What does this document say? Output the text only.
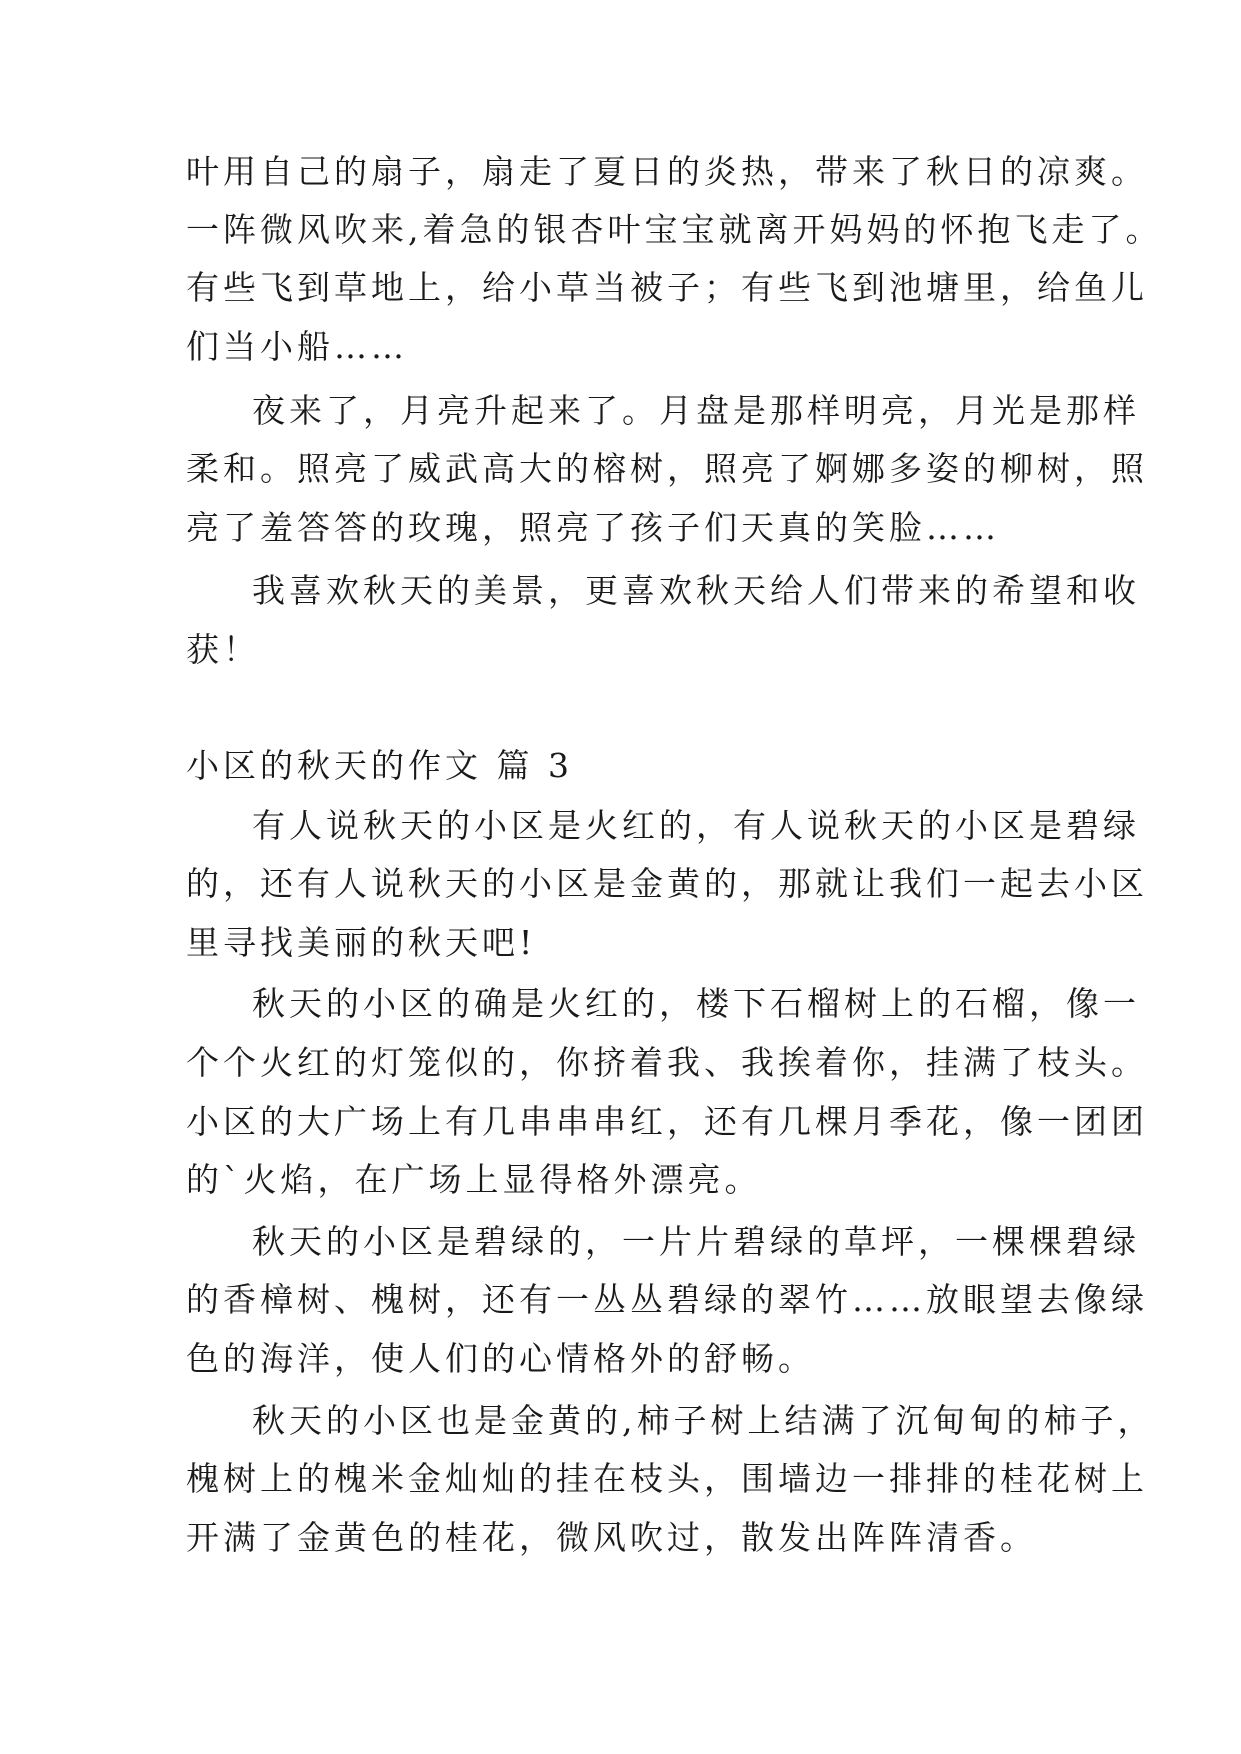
叶用自己的扇子，扇走了夏日的炎热，带来了秋日的凉爽。
一阵微风吹来,着急的银杏叶宝宝就离开妈妈的怀抱飞走了。
有些飞到草地上，给小草当被子；有些飞到池塘里，给鱼儿
们当小船……
夜来了，月亮升起来了。月盘是那样明亮，月光是那样
柔和。照亮了威武高大的榕树，照亮了婀娜多姿的柳树，照
亮了羞答答的玫瑰，照亮了孩子们天真的笑脸……
我喜欢秋天的美景，更喜欢秋天给人们带来的希望和收
获！
小区的秋天的作文 篇 3
有人说秋天的小区是火红的，有人说秋天的小区是碧绿
的，还有人说秋天的小区是金黄的，那就让我们一起去小区
里寻找美丽的秋天吧!
秋天的小区的确是火红的，楼下石榴树上的石榴，像一
个个火红的灯笼似的，你挤着我、我挨着你，挂满了枝头。
小区的大广场上有几串串串红，还有几棵月季花，像一团团
的`火焰，在广场上显得格外漂亮。
秋天的小区是碧绿的，一片片碧绿的草坪，一棵棵碧绿
的香樟树、槐树，还有一丛丛碧绿的翠竹……放眼望去像绿
色的海洋，使人们的心情格外的舒畅。
秋天的小区也是金黄的,柿子树上结满了沉甸甸的柿子，
槐树上的槐米金灿灿的挂在枝头，围墙边一排排的桂花树上
开满了金黄色的桂花，微风吹过，散发出阵阵清香。
